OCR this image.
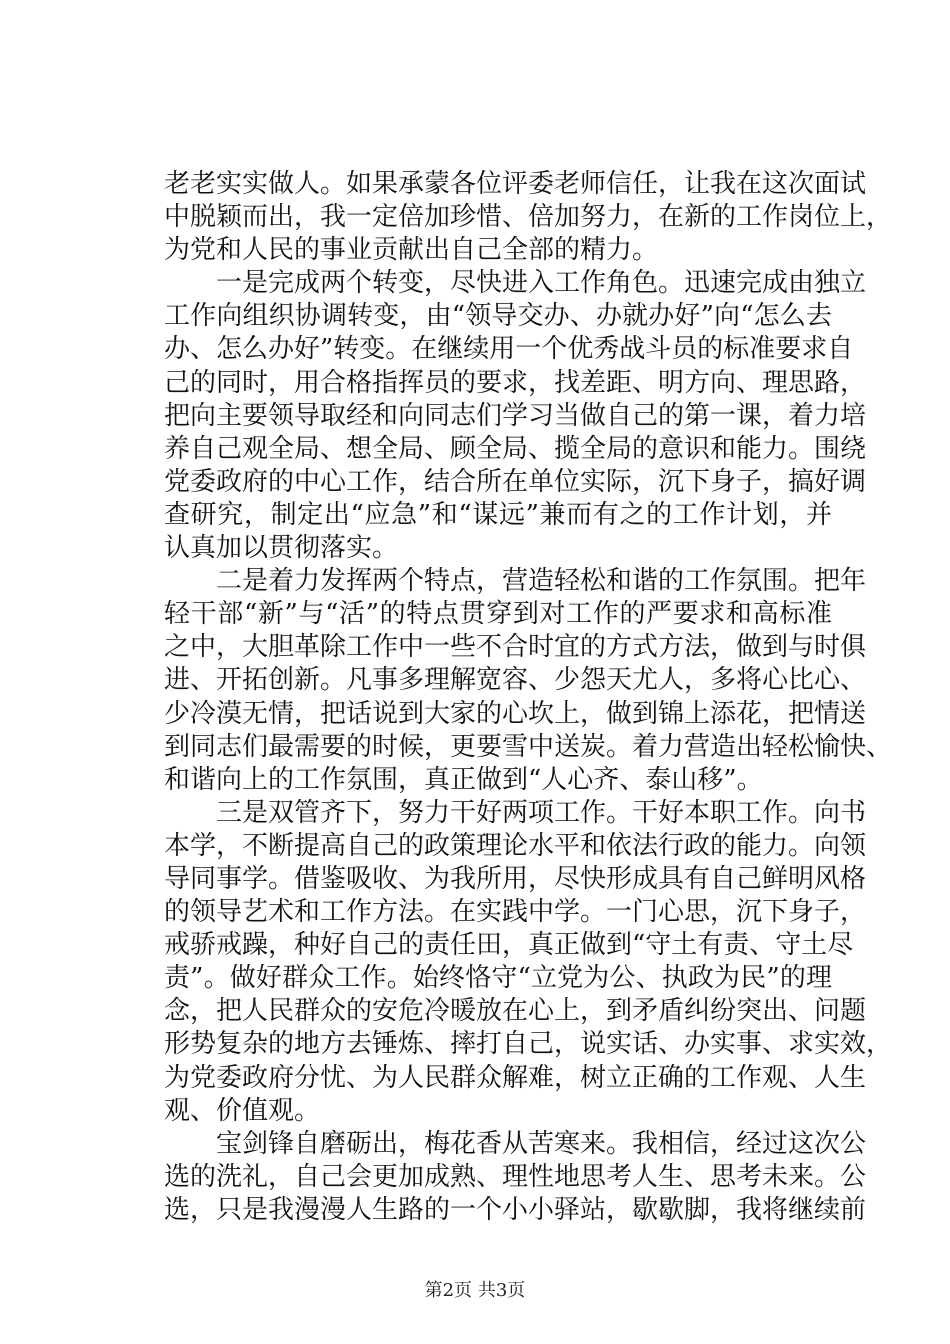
老老实实做人。如果承蒙各位评委老师信任，让我在这次面试
中脱颖而出，我一定倍加珍惜、倍加努力，在新的工作岗位上，
为党和人民的事业贡献出自己全部的精力。
　　一是完成两个转变，尽快进入工作角色。迅速完成由独立
工作向组织协调转变，由“领导交办、办就办好”向“怎么去
办、怎么办好”转变。在继续用一个优秀战斗员的标准要求自
己的同时，用合格指挥员的要求，找差距、明方向、理思路，
把向主要领导取经和向同志们学习当做自己的第一课，着力培
养自己观全局、想全局、顾全局、揽全局的意识和能力。围绕
党委政府的中心工作，结合所在单位实际，沉下身子，搞好调
查研究，制定出“应急”和“谋远”兼而有之的工作计划，并
认真加以贯彻落实。
　　二是着力发挥两个特点，营造轻松和谐的工作氛围。把年
轻干部“新”与“活”的特点贯穿到对工作的严要求和高标准
之中，大胆革除工作中一些不合时宜的方式方法，做到与时俱
进、开拓创新。凡事多理解宽容、少怨天尤人，多将心比心、
少冷漠无情，把话说到大家的心坎上，做到锦上添花，把情送
到同志们最需要的时候，更要雪中送炭。着力营造出轻松愉快、
和谐向上的工作氛围，真正做到“人心齐、泰山移”。
　　三是双管齐下，努力干好两项工作。干好本职工作。向书
本学，不断提高自己的政策理论水平和依法行政的能力。向领
导同事学。借鉴吸收、为我所用，尽快形成具有自己鲜明风格
的领导艺术和工作方法。在实践中学。一门心思，沉下身子，
戒骄戒躁，种好自己的责任田，真正做到“守土有责、守土尽
责”。做好群众工作。始终恪守“立党为公、执政为民”的理
念，把人民群众的安危冷暖放在心上，到矛盾纠纷突出、问题
形势复杂的地方去锤炼、摔打自己，说实话、办实事、求实效，
为党委政府分忧、为人民群众解难，树立正确的工作观、人生
观、价值观。
　　宝剑锋自磨砺出，梅花香从苦寒来。我相信，经过这次公
选的洗礼，自己会更加成熟、理性地思考人生、思考未来。公
选，只是我漫漫人生路的一个小小驿站，歇歇脚，我将继续前
第2页 共3页
